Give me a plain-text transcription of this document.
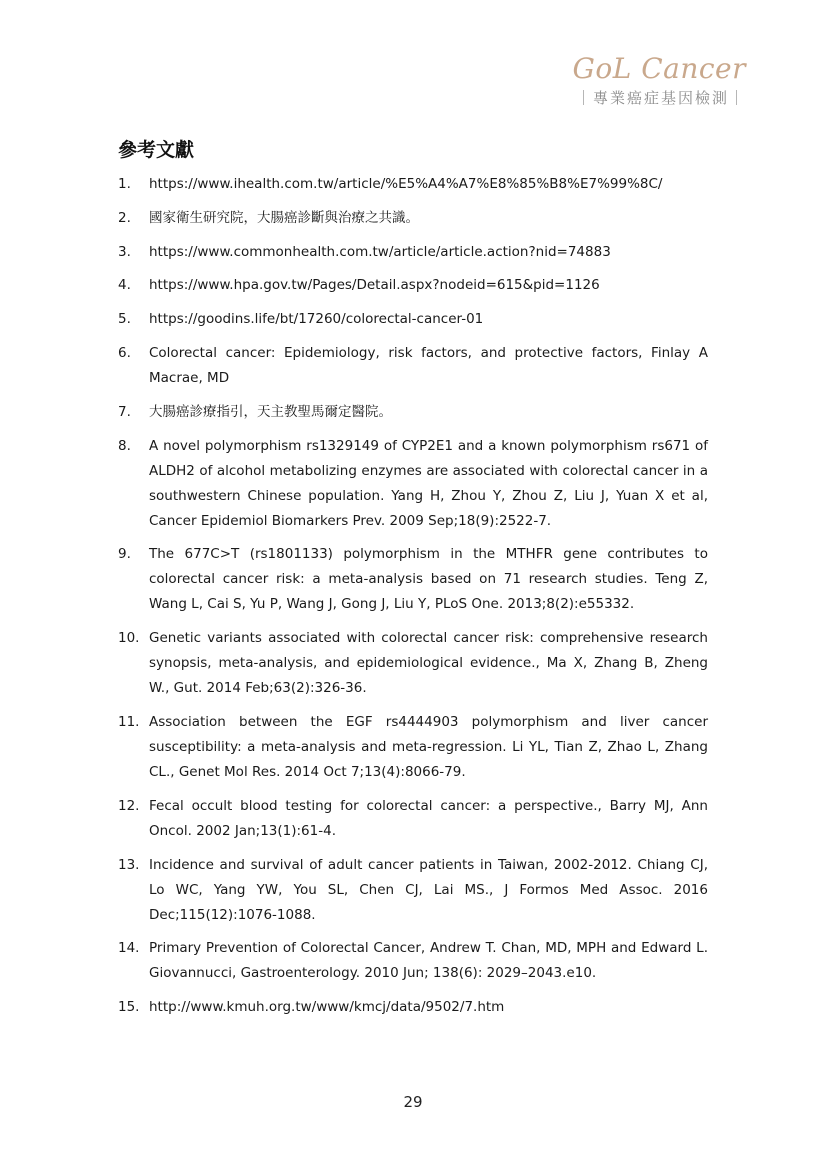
GoL Cancer
｜專業癌症基因檢測｜
參考文獻
1.	https://www.ihealth.com.tw/article/%E5%A4%A7%E8%85%B8%E7%99%8C/
2.	國家衛生研究院，大腸癌診斷與治療之共識。
3.	https://www.commonhealth.com.tw/article/article.action?nid=74883
4.	https://www.hpa.gov.tw/Pages/Detail.aspx?nodeid=615&pid=1126
5.	https://goodins.life/bt/17260/colorectal-cancer-01
6.	Colorectal cancer: Epidemiology, risk factors, and protective factors, Finlay A Macrae, MD
7.	大腸癌診療指引，天主教聖馬爾定醫院。
8.	A novel polymorphism rs1329149 of CYP2E1 and a known polymorphism rs671 of ALDH2 of alcohol metabolizing enzymes are associated with colorectal cancer in a southwestern Chinese population. Yang H, Zhou Y, Zhou Z, Liu J, Yuan X et al, Cancer Epidemiol Biomarkers Prev. 2009 Sep;18(9):2522-7.
9.	The 677C>T (rs1801133) polymorphism in the MTHFR gene contributes to colorectal cancer risk: a meta-analysis based on 71 research studies. Teng Z, Wang L, Cai S, Yu P, Wang J, Gong J, Liu Y, PLoS One. 2013;8(2):e55332.
10. Genetic variants associated with colorectal cancer risk: comprehensive research synopsis, meta-analysis, and epidemiological evidence., Ma X, Zhang B, Zheng W., Gut. 2014 Feb;63(2):326-36.
11. Association between the EGF rs4444903 polymorphism and liver cancer susceptibility: a meta-analysis and meta-regression. Li YL, Tian Z, Zhao L, Zhang CL., Genet Mol Res. 2014 Oct 7;13(4):8066-79.
12. Fecal occult blood testing for colorectal cancer: a perspective., Barry MJ, Ann Oncol. 2002 Jan;13(1):61-4.
13. Incidence and survival of adult cancer patients in Taiwan, 2002-2012. Chiang CJ, Lo WC, Yang YW, You SL, Chen CJ, Lai MS., J Formos Med Assoc. 2016 Dec;115(12):1076-1088.
14. Primary Prevention of Colorectal Cancer, Andrew T. Chan, MD, MPH and Edward L. Giovannucci, Gastroenterology. 2010 Jun; 138(6): 2029–2043.e10.
15. http://www.kmuh.org.tw/www/kmcj/data/9502/7.htm
29
